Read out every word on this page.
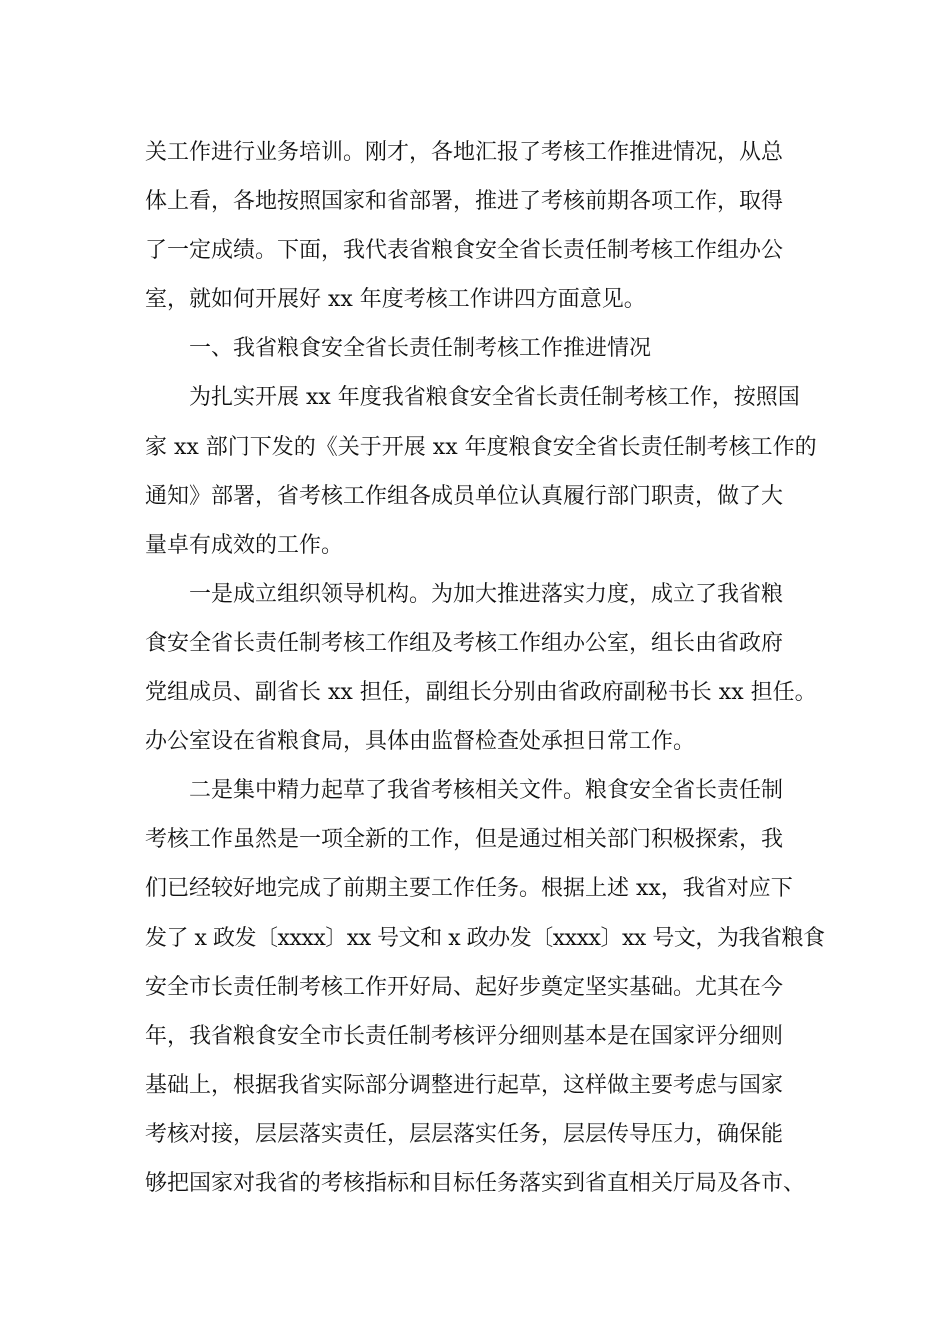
关工作进行业务培训。刚才，各地汇报了考核工作推进情况，从总
体上看，各地按照国家和省部署，推进了考核前期各项工作，取得
了一定成绩。下面，我代表省粮食安全省长责任制考核工作组办公
室，就如何开展好 xx 年度考核工作讲四方面意见。
一、我省粮食安全省长责任制考核工作推进情况
为扎实开展 xx 年度我省粮食安全省长责任制考核工作，按照国
家 xx 部门下发的《关于开展 xx 年度粮食安全省长责任制考核工作的
通知》部署，省考核工作组各成员单位认真履行部门职责，做了大
量卓有成效的工作。
一是成立组织领导机构。为加大推进落实力度，成立了我省粮
食安全省长责任制考核工作组及考核工作组办公室，组长由省政府
党组成员、副省长 xx 担任，副组长分别由省政府副秘书长 xx 担任。
办公室设在省粮食局，具体由监督检查处承担日常工作。
二是集中精力起草了我省考核相关文件。粮食安全省长责任制
考核工作虽然是一项全新的工作，但是通过相关部门积极探索，我
们已经较好地完成了前期主要工作任务。根据上述 xx，我省对应下
发了 x 政发〔xxxx〕xx 号文和 x 政办发〔xxxx〕xx 号文，为我省粮食
安全市长责任制考核工作开好局、起好步奠定坚实基础。尤其在今
年，我省粮食安全市长责任制考核评分细则基本是在国家评分细则
基础上，根据我省实际部分调整进行起草，这样做主要考虑与国家
考核对接，层层落实责任，层层落实任务，层层传导压力，确保能
够把国家对我省的考核指标和目标任务落实到省直相关厅局及各市、
